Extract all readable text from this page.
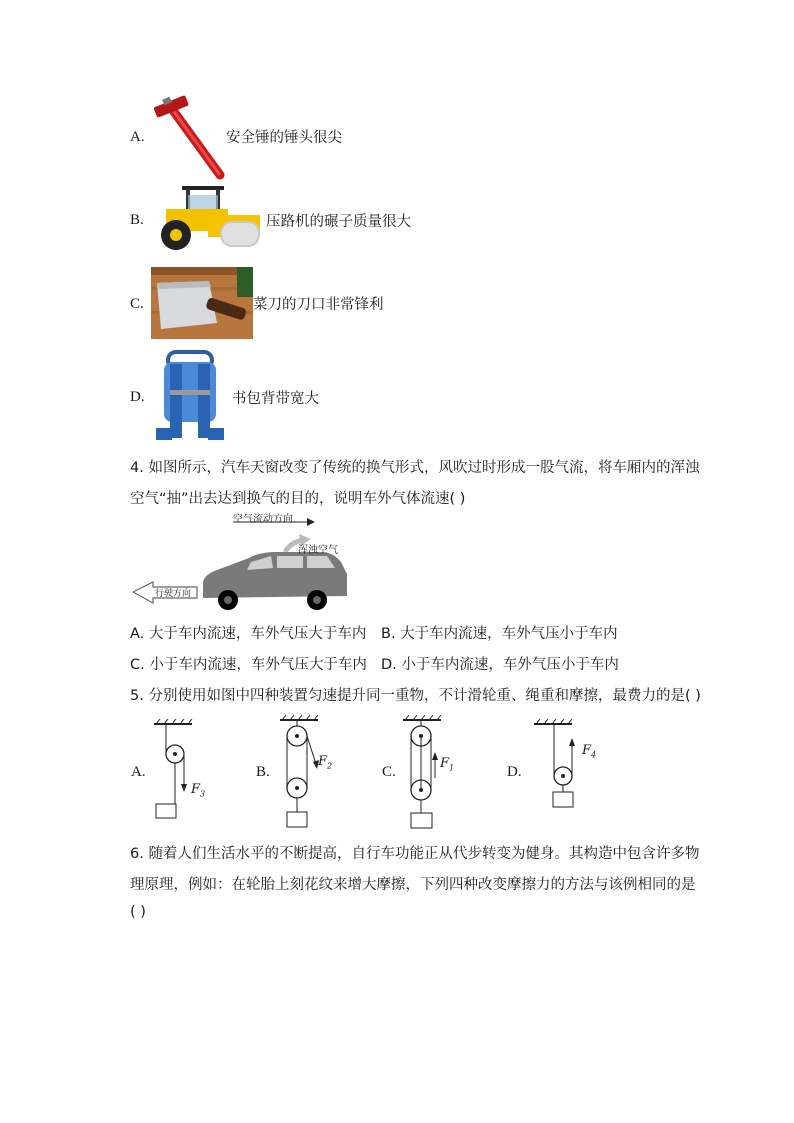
A.	安全锤的锤头很尖
B.	压路机的碾子质量很大
C.	菜刀的刀口非常锋利
D.	书包背带宽大
4. 如图所示，汽车天窗改变了传统的换气形式，风吹过时形成一股气流，将车厢内的浑浊
空气“抽”出去达到换气的目的，说明车外气体流速( )
空气流动方向
浑浊空气
行驶方向
A. 大于车内流速，车外气压大于车内 B. 大于车内流速，车外气压小于车内
C. 小于车内流速，车外气压大于车内 D. 小于车内流速，车外气压小于车内
5. 分别使用如图中四种装置匀速提升同一重物，不计滑轮重、绳重和摩擦，最费力的是( )
A.
$F_3$
B.
$F_2$	C.
$F_1$	D.
$F_4$
6. 随着人们生活水平的不断提高，自行车功能正从代步转变为健身。其构造中包含许多物
理原理，例如：在轮胎上刻花纹来增大摩擦，下列四种改变摩擦力的方法与该例相同的是
( )
